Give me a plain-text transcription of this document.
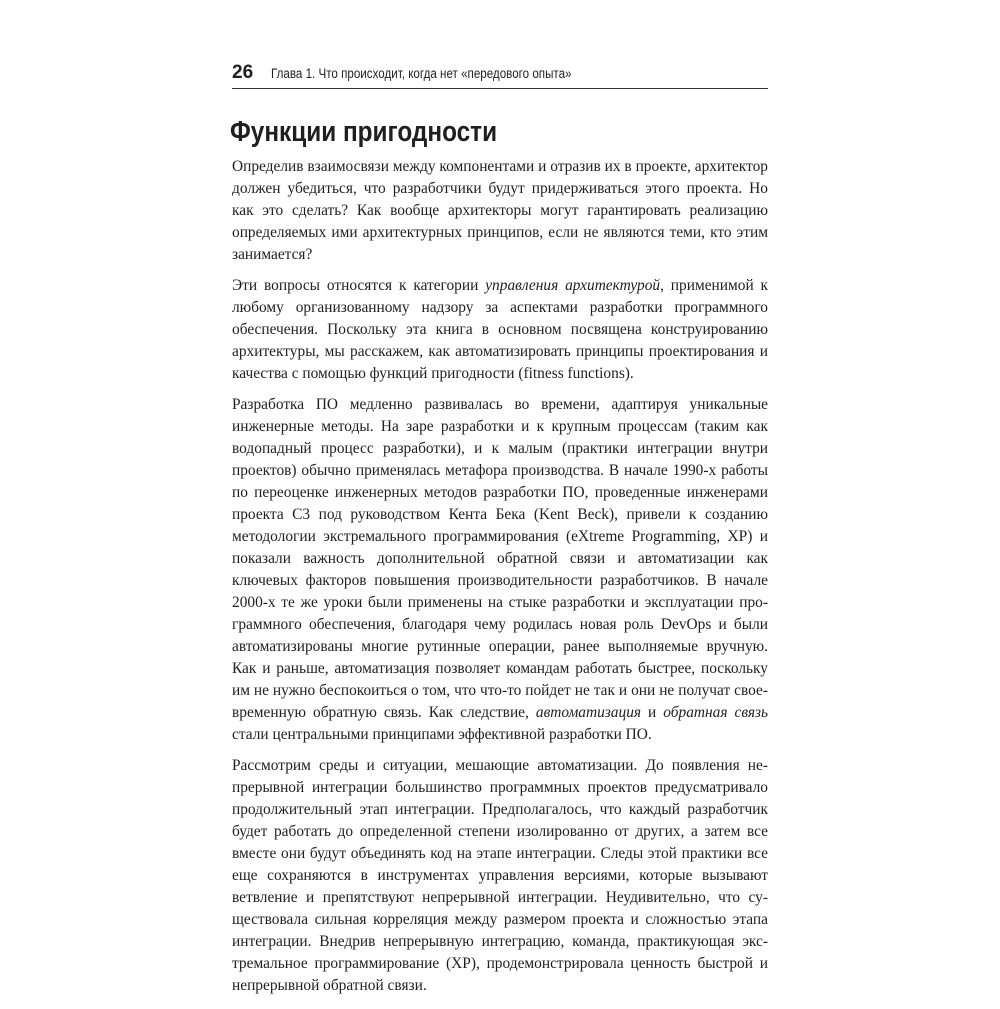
26 Глава 1. Что происходит, когда нет «передового опыта»
Функции пригодности

Определив взаимосвязи между компонентами и отразив их в проекте, архитектор должен убедиться, что разработчики будут придерживаться этого проекта. Но как это сделать? Как вообще архитекторы могут гарантировать реализацию определяемых ими архитектурных принципов, если не являются теми, кто этим занимается?

Эти вопросы относятся к категории управления архитектурой, применимой к любому организованному надзору за аспектами разработки программного обеспечения. Поскольку эта книга в основном посвящена конструированию архитектуры, мы расскажем, как автоматизировать принципы проектирования и качества с помощью функций пригодности (fitness functions).

Разработка ПО медленно развивалась во времени, адаптируя уникальные инженерные методы. На заре разработки и к крупным процессам (таким как водопадный процесс разработки), и к малым (практики интеграции внутри проектов) обычно применялась метафора производства. В начале 1990-х работы по переоценке инженерных методов разработки ПО, проведенные инженерами проекта C3 под руководством Кента Бека (Kent Beck), привели к созданию методологии экстремального программирования (eXtreme Programming, XP) и показали важность дополнительной обратной связи и автоматизации как ключевых факторов повышения производительности разработчиков. В начале 2000-х те же уроки были применены на стыке разработки и эксплуатации программного обеспечения, благодаря чему родилась новая роль DevOps и были автоматизированы многие рутинные операции, ранее выполняемые вручную. Как и раньше, автоматизация позволяет командам работать быстрее, поскольку им не нужно беспокоиться о том, что что-то пойдет не так и они не получат своевременную обратную связь. Как следствие, автоматизация и обратная связь стали центральными принципами эффективной разработки ПО.

Рассмотрим среды и ситуации, мешающие автоматизации. До появления непрерывной интеграции большинство программных проектов предусматривало продолжительный этап интеграции. Предполагалось, что каждый разработчик будет работать до определенной степени изолированно от других, а затем все вместе они будут объединять код на этапе интеграции. Следы этой практики все еще сохраняются в инструментах управления версиями, которые вызывают ветвление и препятствуют непрерывной интеграции. Неудивительно, что существовала сильная корреляция между размером проекта и сложностью этапа интеграции. Внедрив непрерывную интеграцию, команда, практикующая экстремальное программирование (XP), продемонстрировала ценность быстрой и непрерывной обратной связи.
